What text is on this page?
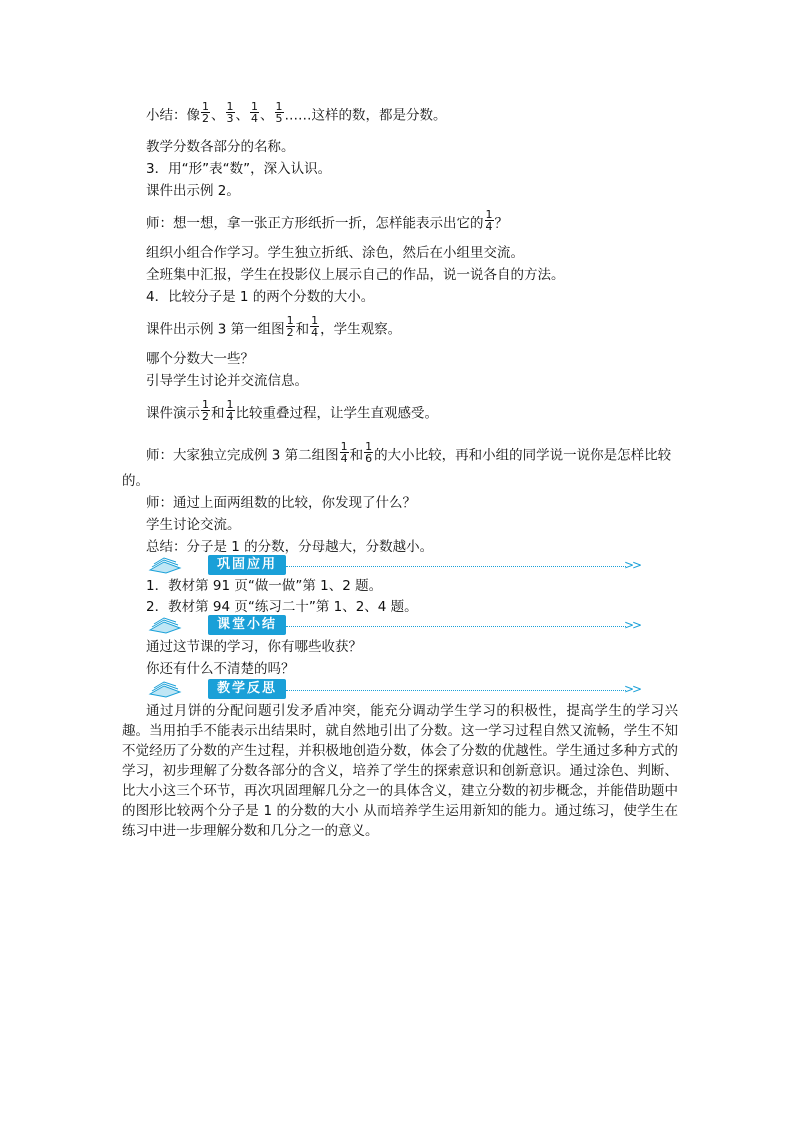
小结：像 $\frac{1}{2}$ 、 $\frac{1}{3}$ 、 $\frac{1}{4}$ 、 $\frac{1}{5}$ ……这样的数，都是分数。
教学分数各部分的名称。
3．用“形”表“数”，深入认识。
课件出示例 2。
师：想一想，拿一张正方形纸折一折，怎样能表示出它的 $\frac{1}{4}$ ？
组织小组合作学习。学生独立折纸、涂色，然后在小组里交流。
全班集中汇报，学生在投影仪上展示自己的作品，说一说各自的方法。
4．比较分子是 1 的两个分数的大小。
课件出示例 3 第一组图 $\frac{1}{2}$ 和 $\frac{1}{4}$ ，学生观察。
哪个分数大一些？
引导学生讨论并交流信息。
课件演示 $\frac{1}{2}$ 和 $\frac{1}{4}$ 比较重叠过程，让学生直观感受。
师：大家独立完成例 3 第二组图 $\frac{1}{4}$ 和 $\frac{1}{6}$ 的大小比较，再和小组的同学说一说你是怎样比较
的。
师：通过上面两组数的比较，你发现了什么？
学生讨论交流。
总结：分子是 1 的分数，分母越大，分数越小。
巩固应用	>>
1．教材第 91 页“做一做”第 1、2 题。
2．教材第 94 页“练习二十”第 1、2、4 题。
课堂小结	>>
通过这节课的学习，你有哪些收获？
你还有什么不清楚的吗？
教学反思	>>
通过月饼的分配问题引发矛盾冲突，能充分调动学生学习的积极性，提高学生的学习兴趣。当用拍手不能表示出结果时，就自然地引出了分数。这一学习过程自然又流畅，学生不知不觉经历了分数的产生过程，并积极地创造分数，体会了分数的优越性。学生通过多种方式的学习，初步理解了分数各部分的含义，培养了学生的探索意识和创新意识。通过涂色、判断、比大小这三个环节，再次巩固理解几分之一的具体含义，建立分数的初步概念，并能借助题中的图形比较两个分子是 1 的分数的大小 从而培养学生运用新知的能力。通过练习，使学生在练习中进一步理解分数和几分之一的意义。
